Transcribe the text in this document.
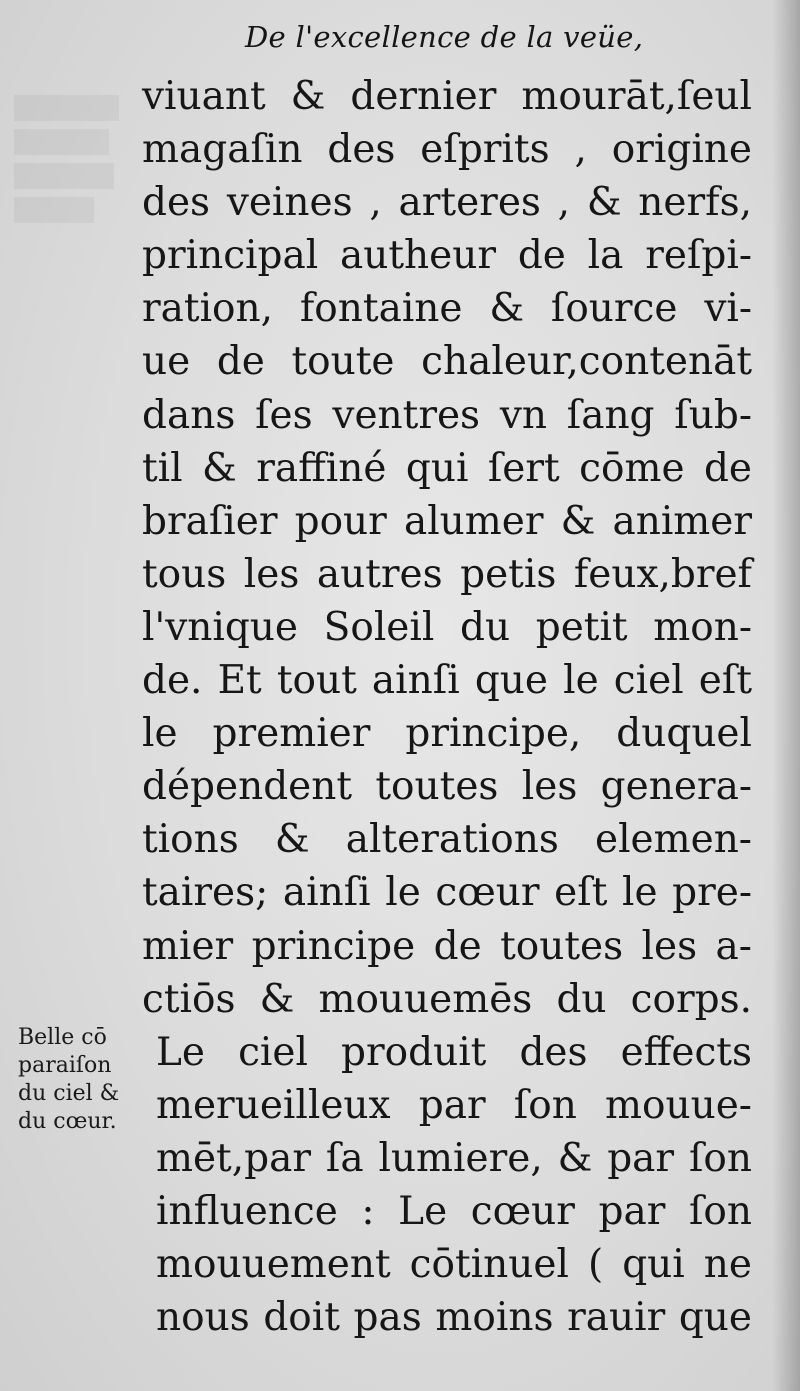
De l'excellence de la veüe,
viuant & dernier mourāt,ſeul
magaſin des eſprits , origine
des veines , arteres , & nerfs,
principal autheur de la reſpi-
ration, fontaine & ſource vi-
ue de toute chaleur,contenāt
dans ſes ventres vn ſang ſub-
til & raffiné qui ſert cōme de
braſier pour alumer & animer
tous les autres petis feux,bref
l'vnique Soleil du petit mon-
de. Et tout ainſi que le ciel eſt
le premier principe, duquel
dépendent toutes les genera-
tions & alterations elemen-
taires; ainſi le cœur eſt le pre-
mier principe de toutes les a-
ctiōs & mouuemēs du corps.
Le ciel produit des effects
merueilleux par ſon mouue-
mēt,par ſa lumiere, & par ſon
influence : Le cœur par ſon
mouuement cōtinuel ( qui ne
nous doit pas moins rauir que
Belle cō
paraiſon
du ciel &
du cœur.
